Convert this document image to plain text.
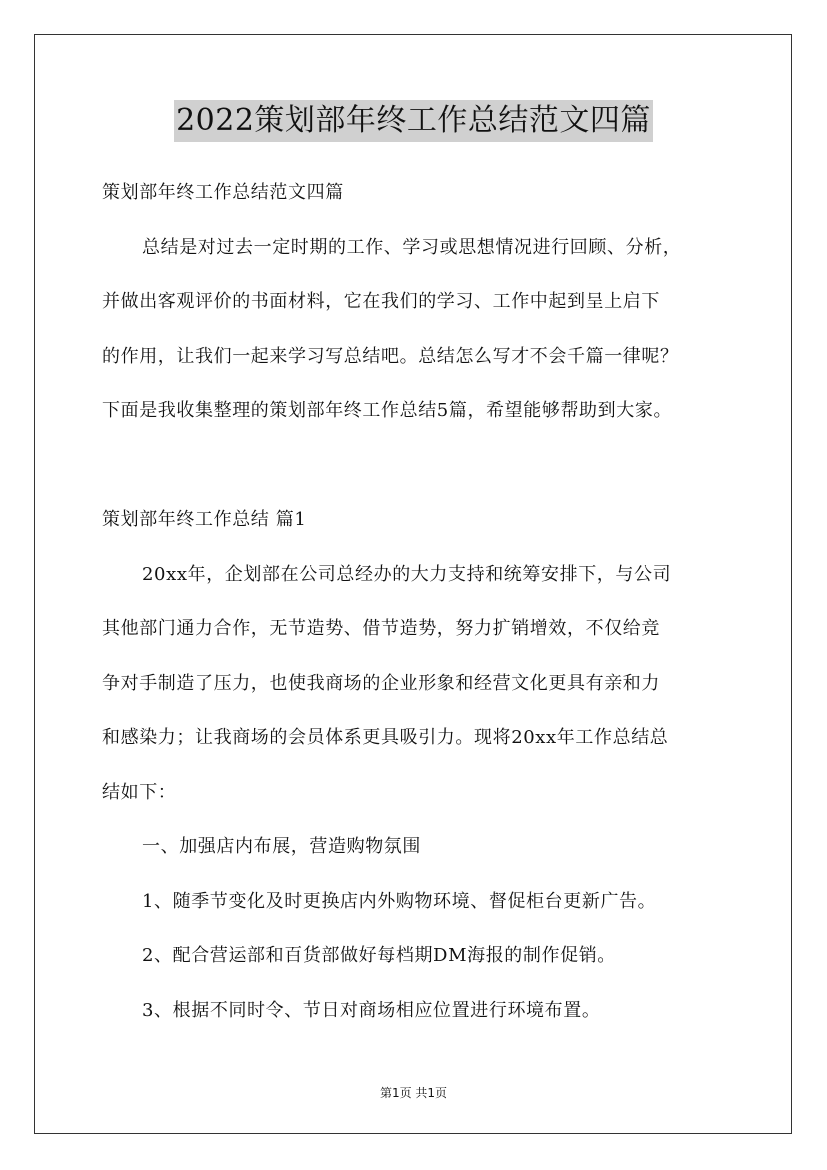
2022策划部年终工作总结范文四篇

策划部年终工作总结范文四篇

总结是对过去一定时期的工作、学习或思想情况进行回顾、分析，

并做出客观评价的书面材料，它在我们的学习、工作中起到呈上启下

的作用，让我们一起来学习写总结吧。总结怎么写才不会千篇一律呢？

下面是我收集整理的策划部年终工作总结5篇，希望能够帮助到大家。

策划部年终工作总结 篇1

20xx年，企划部在公司总经办的大力支持和统筹安排下，与公司

其他部门通力合作，无节造势、借节造势，努力扩销增效，不仅给竞

争对手制造了压力，也使我商场的企业形象和经营文化更具有亲和力

和感染力；让我商场的会员体系更具吸引力。现将20xx年工作总结总

结如下：

一、加强店内布展，营造购物氛围

1、随季节变化及时更换店内外购物环境、督促柜台更新广告。

2、配合营运部和百货部做好每档期DM海报的制作促销。

3、根据不同时令、节日对商场相应位置进行环境布置。

第1页 共1页
